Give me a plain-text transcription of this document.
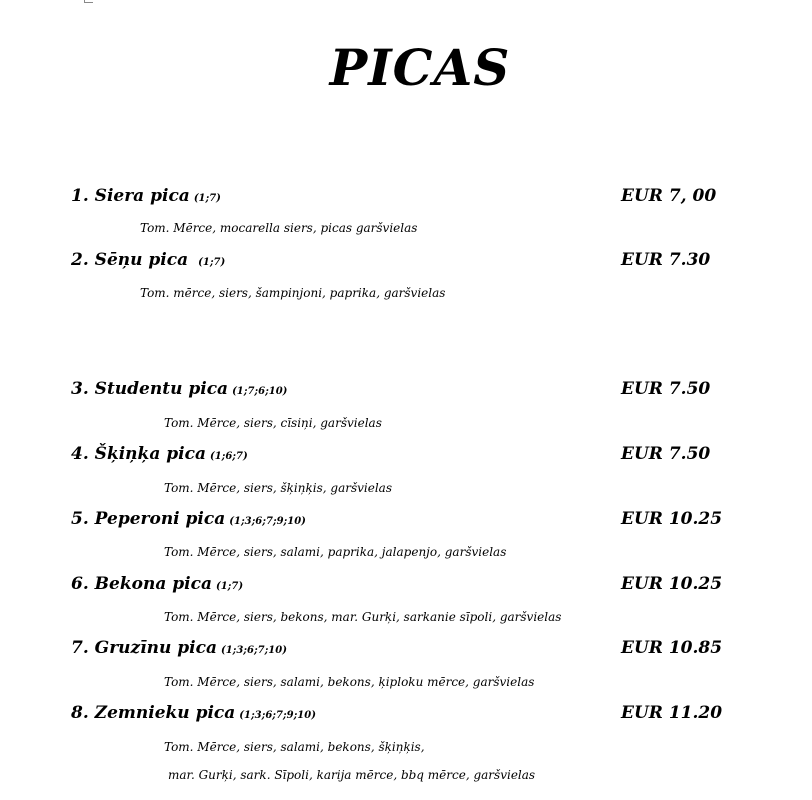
PICAS
1. Siera pica (1;7)	EUR 7, 00
Tom. Mērce, mocarella siers, picas garšvielas
2. Sēņu pica (1;7)	EUR 7.30
Tom. mērce, siers, šampinjoni, paprika, garšvielas
3. Studentu pica (1;7;6;10)	EUR 7.50
Tom. Mērce, siers, cīsiņi, garšvielas
4. Šķiņķa pica (1;6;7)	EUR 7.50
Tom. Mērce, siers, šķiņķis, garšvielas
5. Peperoni pica (1;3;6;7;9;10)	EUR 10.25
Tom. Mērce, siers, salami, paprika, jalapenjo, garšvielas
6. Bekona pica (1;7)	EUR 10.25
Tom. Mērce, siers, bekons, mar. Gurķi, sarkanie sīpoli, garšvielas
7. Gruzīnu pica (1;3;6;7;10)	EUR 10.85
Tom. Mērce, siers, salami, bekons, ķiploku mērce, garšvielas
8. Zemnieku pica (1;3;6;7;9;10)	EUR 11.20
Tom. Mērce, siers, salami, bekons, šķiņķis,
mar. Gurķi, sark. Sīpoli, karija mērce, bbq mērce, garšvielas
